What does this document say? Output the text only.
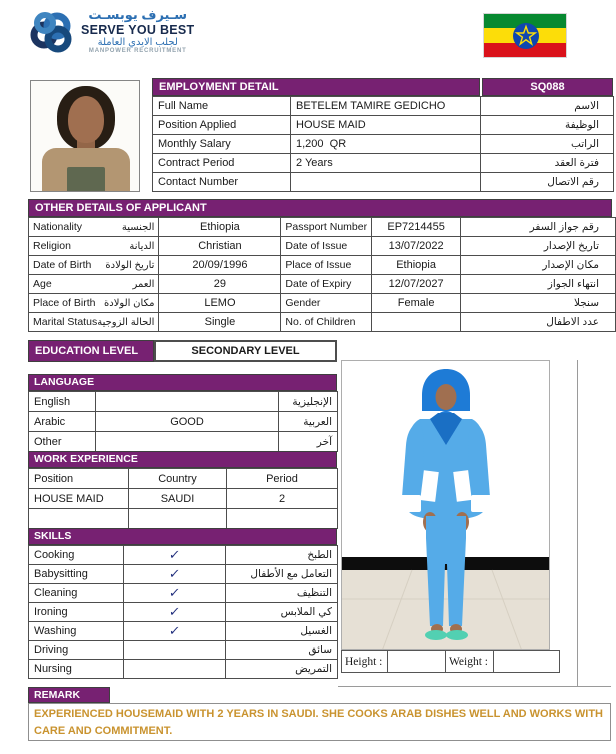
سـيرف يوبسـت
SERVE YOU BEST
لجلب الايدي العاملة
MANPOWER RECRUITMENT
EMPLOYMENT DETAIL	SQ088
Full Name	BETELEM TAMIRE GEDICHO	الاسم
Position Applied	HOUSE MAID	الوظيفة
Monthly Salary	1,200  QR	الراتب
Contract Period	2 Years	فترة العقد
Contact Number		رقم الاتصال
OTHER DETAILS OF APPLICANT
Nationality الجنسية	Ethiopia	Passport Number	EP7214455	رقم جواز السفر

Religion الديانة	Christian	Date of Issue	13/07/2022	تاريخ الإصدار

Date of Birth تاريخ الولادة	20/09/1996	Place of Issue	Ethiopia	مكان الإصدار

Age العمر	29	Date of Expiry	12/07/2027	انتهاء الجواز

Place of Birth مكان الولادة	LEMO	Gender	Female	سنجلا

Marital Status الحالة الزوجية	Single	No. of Children		عدد الاطفال
EDUCATION LEVEL	SECONDARY LEVEL
LANGUAGE
English		الإنجليزية
Arabic	GOOD	العربية
Other		آخر
WORK EXPERIENCE
Position	Country	Period
HOUSE MAID	SAUDI	2

SKILLS
Cooking	✓	الطبخ
Babysitting	✓	التعامل مع الأطفال
Cleaning	✓	التنظيف
Ironing	✓	كي الملابس
Washing	✓	الغسيل
Driving		سائق
Nursing		التمريض
Height :		Weight :	
REMARK
EXPERIENCED HOUSEMAID WITH 2 YEARS IN SAUDI. SHE COOKS ARAB DISHES WELL AND WORKS WITH CARE AND COMMITMENT.
